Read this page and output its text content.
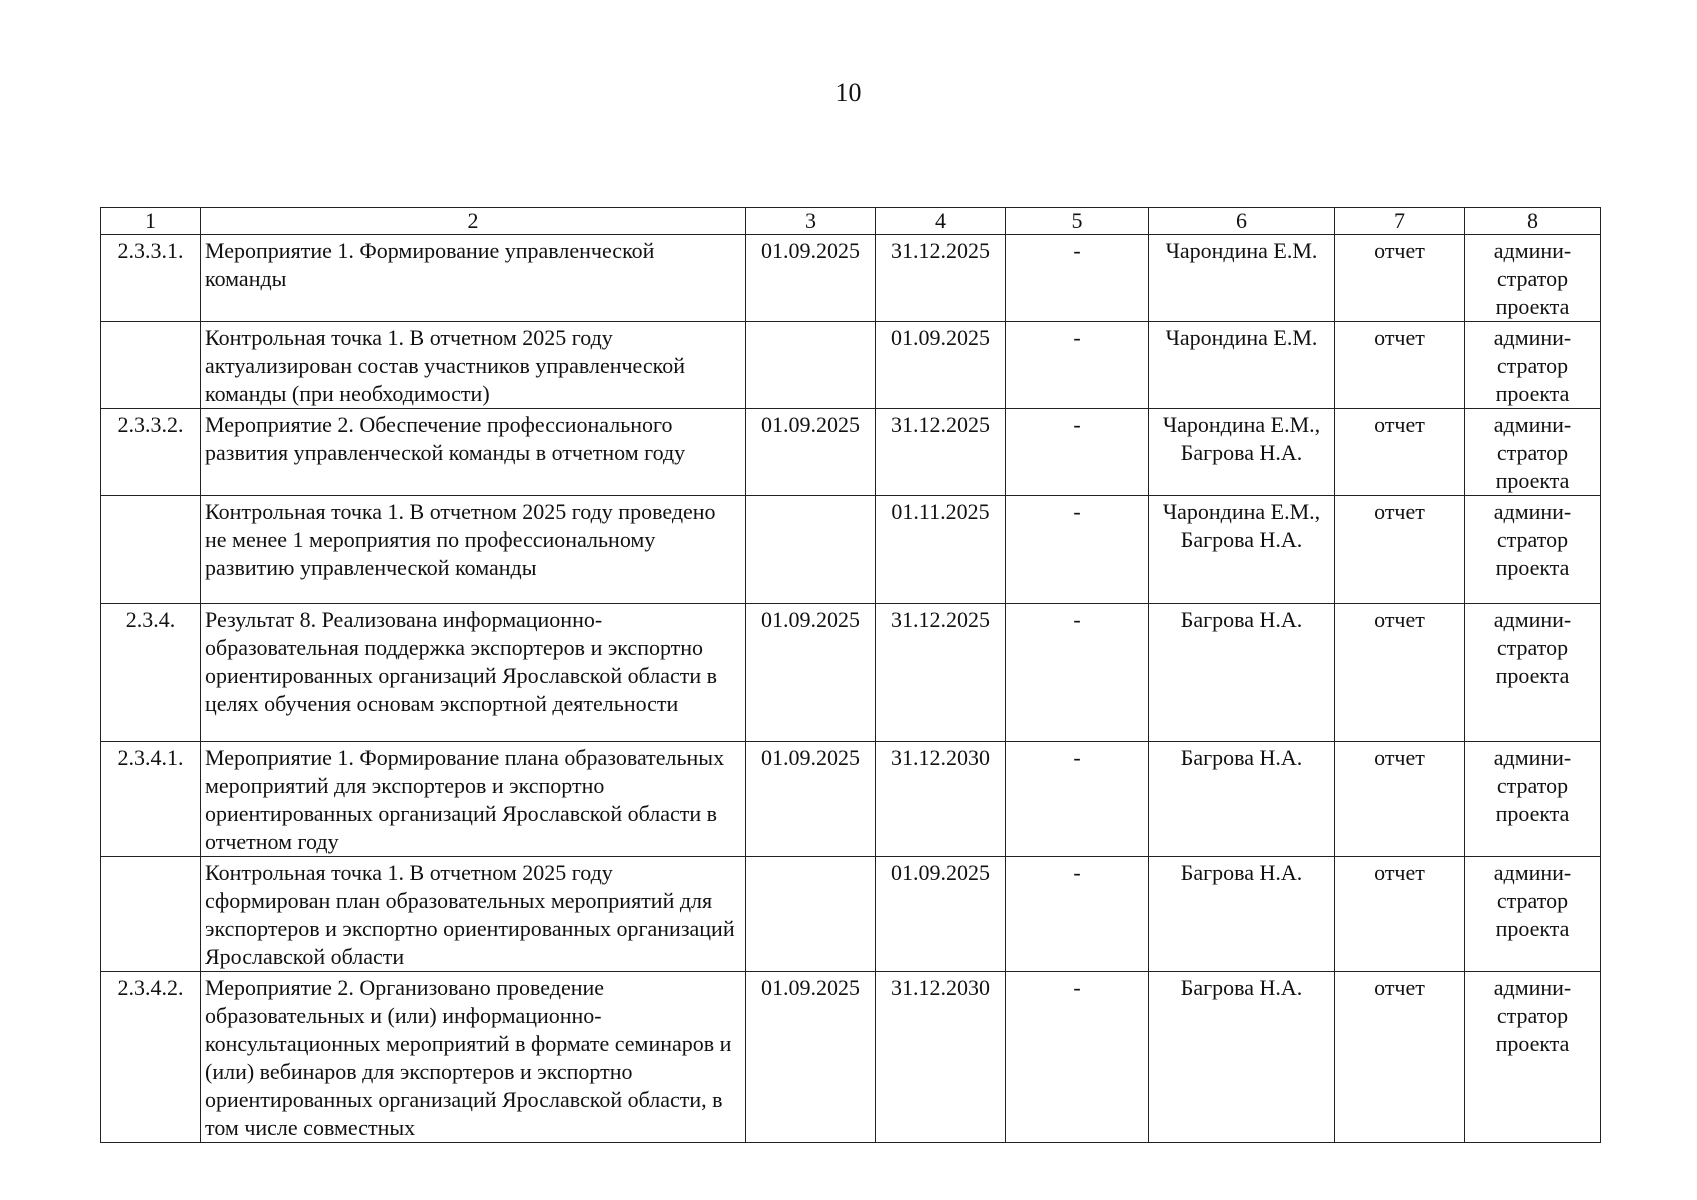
10
1	2	3	4	5	6	7	8
2.3.3.1.	Мероприятие 1. Формирование управленческой команды	01.09.2025	31.12.2025	-	Чарондина Е.М.	отчет	админи-стратор проекта
	Контрольная точка 1. В отчетном 2025 году актуализирован состав участников управленческой команды (при необходимости)		01.09.2025	-	Чарондина Е.М.	отчет	админи-стратор проекта
2.3.3.2.	Мероприятие 2. Обеспечение профессионального развития управленческой команды в отчетном году	01.09.2025	31.12.2025	-	Чарондина Е.М., Багрова Н.А.	отчет	админи-стратор проекта
	Контрольная точка 1. В отчетном 2025 году проведено не менее 1 мероприятия по профессиональному развитию управленческой команды		01.11.2025	-	Чарондина Е.М., Багрова Н.А.	отчет	админи-стратор проекта
2.3.4.	Результат 8. Реализована информационно-образовательная поддержка экспортеров и экспортно ориентированных организаций Ярославской области в целях обучения основам экспортной деятельности	01.09.2025	31.12.2025	-	Багрова Н.А.	отчет	админи-стратор проекта
2.3.4.1.	Мероприятие 1. Формирование плана образовательных мероприятий для экспортеров и экспортно ориентированных организаций Ярославской области в отчетном году	01.09.2025	31.12.2030	-	Багрова Н.А.	отчет	админи-стратор проекта
	Контрольная точка 1. В отчетном 2025 году сформирован план образовательных мероприятий для экспортеров и экспортно ориентированных организаций Ярославской области		01.09.2025	-	Багрова Н.А.	отчет	админи-стратор проекта
2.3.4.2.	Мероприятие 2. Организовано проведение образовательных и (или) информационно-консультационных мероприятий в формате семинаров и (или) вебинаров для экспортеров и экспортно ориентированных организаций Ярославской области, в том числе совместных	01.09.2025	31.12.2030	-	Багрова Н.А.	отчет	админи-стратор проекта
